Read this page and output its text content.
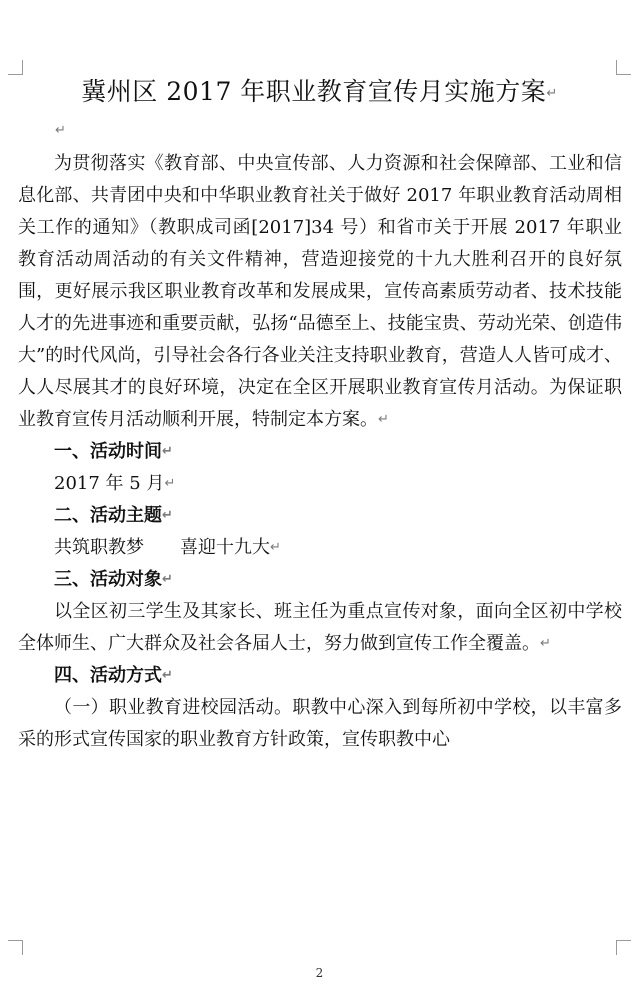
冀州区 2017 年职业教育宣传月实施方案↵
↵

为贯彻落实《教育部、中央宣传部、人力资源和社会保障部、工业和信息化部、共青团中央和中华职业教育社关于做好 2017 年职业教育活动周相关工作的通知》（教职成司函[2017]34 号）和省市关于开展 2017 年职业教育活动周活动的有关文件精神，营造迎接党的十九大胜利召开的良好氛围，更好展示我区职业教育改革和发展成果，宣传高素质劳动者、技术技能人才的先进事迹和重要贡献，弘扬“品德至上、技能宝贵、劳动光荣、创造伟大”的时代风尚，引导社会各行各业关注支持职业教育，营造人人皆可成才、人人尽展其才的良好环境，决定在全区开展职业教育宣传月活动。为保证职业教育宣传月活动顺利开展，特制定本方案。↵

一、活动时间↵

2017 年 5 月↵

二、活动主题↵

共筑职教梦　　喜迎十九大↵

三、活动对象↵

以全区初三学生及其家长、班主任为重点宣传对象，面向全区初中学校全体师生、广大群众及社会各届人士，努力做到宣传工作全覆盖。↵

四、活动方式↵

（一）职业教育进校园活动。职教中心深入到每所初中学校，以丰富多采的形式宣传国家的职业教育方针政策，宣传职教中心

2
